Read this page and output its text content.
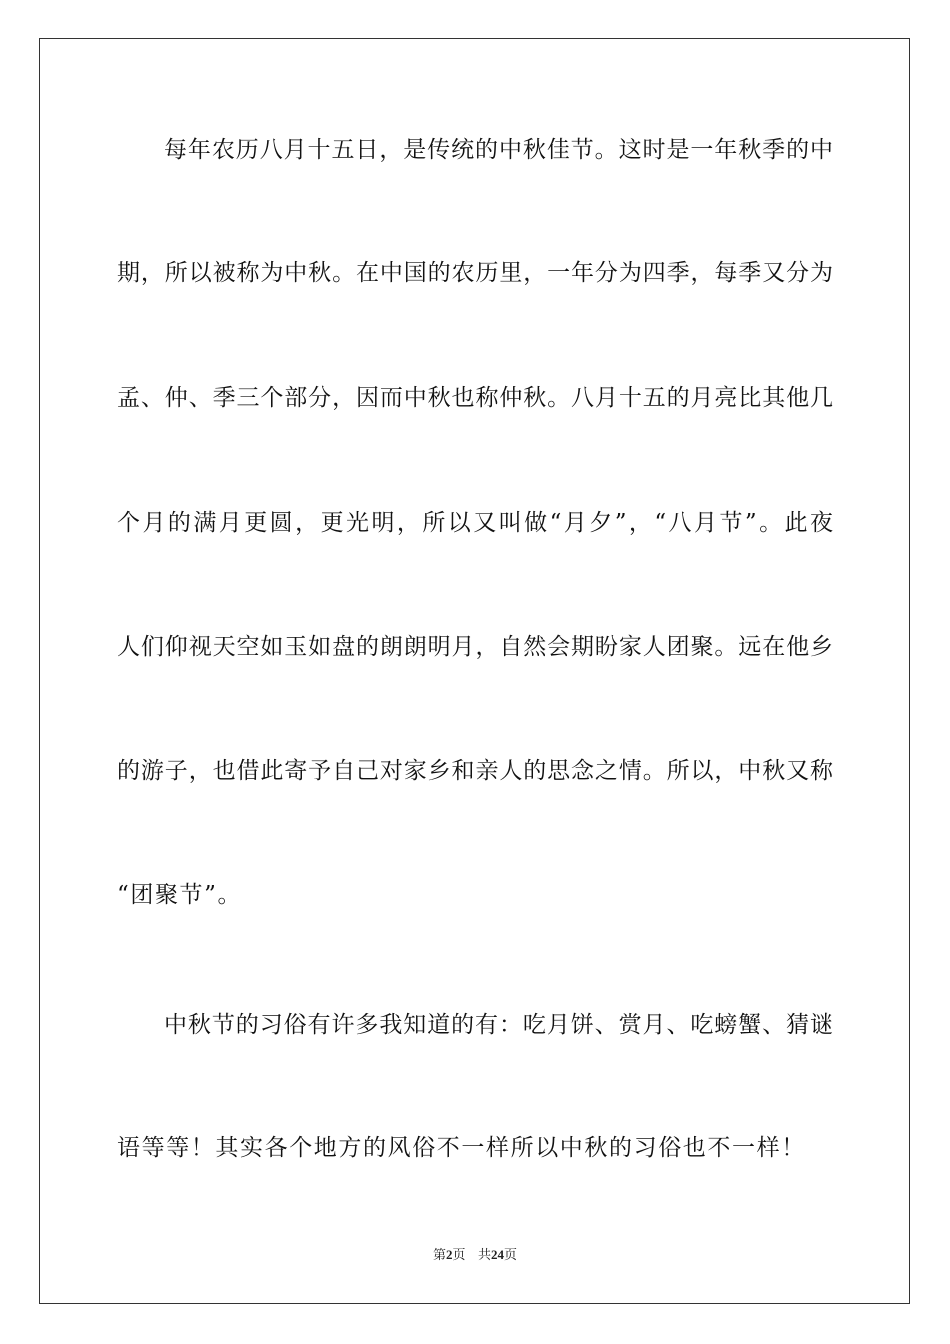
每年农历八月十五日，是传统的中秋佳节。这时是一年秋季的中
期，所以被称为中秋。在中国的农历里，一年分为四季，每季又分为
孟、仲、季三个部分，因而中秋也称仲秋。八月十五的月亮比其他几
个月的满月更圆，更光明，所以又叫做“月夕”，“八月节”。此夜
人们仰视天空如玉如盘的朗朗明月，自然会期盼家人团聚。远在他乡
的游子，也借此寄予自己对家乡和亲人的思念之情。所以，中秋又称
“团聚节”。
中秋节的习俗有许多我知道的有：吃月饼、赏月、吃螃蟹、猜谜
语等等！其实各个地方的风俗不一样所以中秋的习俗也不一样！
第2页 共24页
